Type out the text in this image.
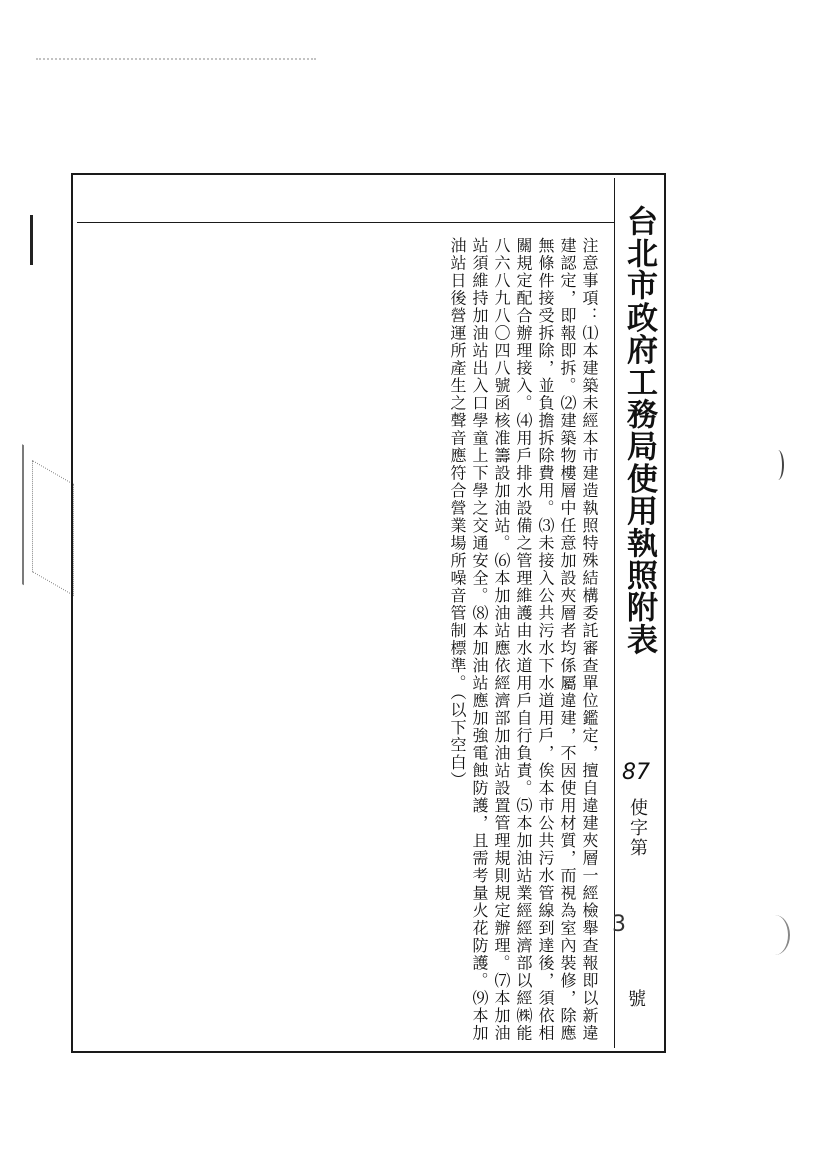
台北市政府工務局使用執照附表
87
使字第
3
號

注意事項：⑴本建築未經本市建造執照特殊結構委託審查單位鑑定，擅自違建夾層一經檢舉查報即以新違建認定，即報即拆。⑵建築物樓層中任意加設夾層者均係屬違建，不因使用材質，而視為室內裝修，除應無條件接受拆除，並負擔拆除費用。⑶未接入公共污水下水道用戶，俟本市公共污水管線到達後，須依相關規定配合辦理接入。⑷用戶排水設備之管理維護由水道用戶自行負責。⑸本加油站業經經濟部以經㈱能八六八九八〇四八號函核准籌設加油站。⑹本加油站應依經濟部加油站設置管理規則規定辦理。⑺本加油站須維持加油站出入口學童上下學之交通安全。⑻本加油站應加強電蝕防護，且需考量火花防護。⑼本加油站日後營運所產生之聲音應符合營業場所噪音管制標準。（以下空白）
